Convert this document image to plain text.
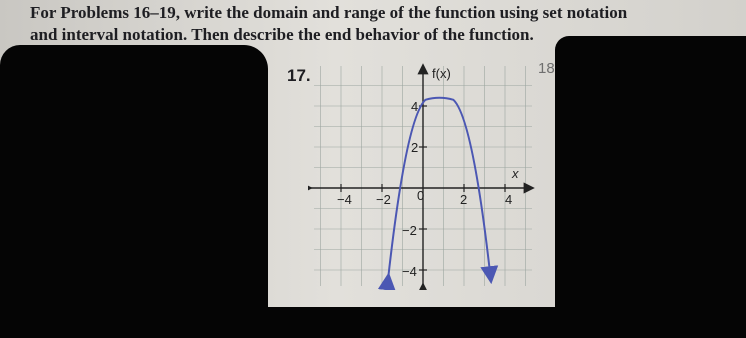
For Problems 16–19, write the domain and range of the function using set notation
and interval notation. Then describe the end behavior of the function.

17.	18
f(x)
x
−4 −2 0	2	4
4
2
−2
−4
